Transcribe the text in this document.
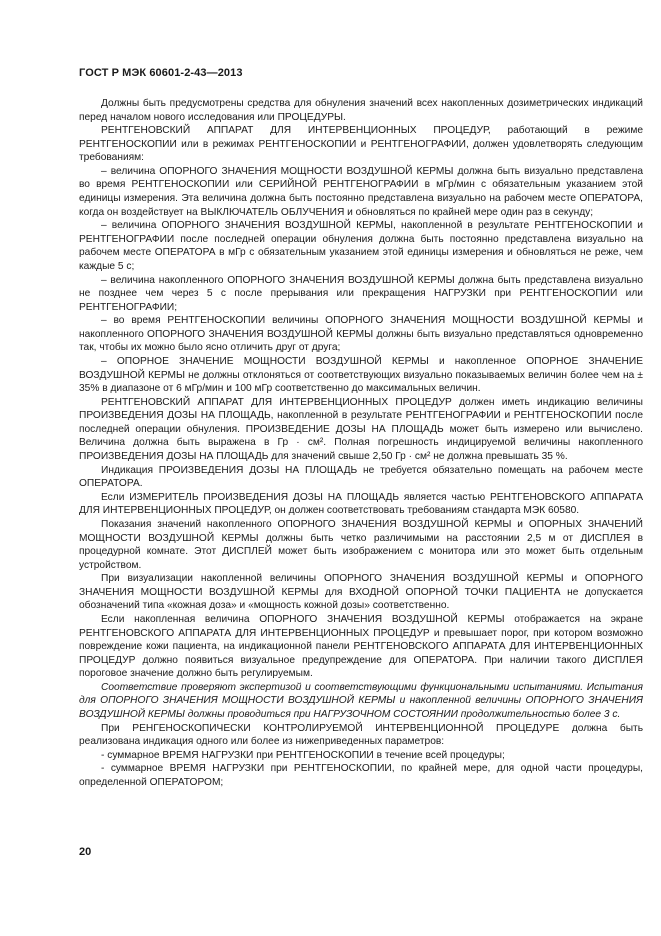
ГОСТ Р МЭК 60601-2-43—2013

Должны быть предусмотрены средства для обнуления значений всех накопленных дозиметричеcких индикаций перед началом нового исследования или ПРОЦЕДУРЫ.

РЕНТГЕНОВСКИЙ АППАРАТ ДЛЯ ИНТЕРВЕНЦИОННЫХ ПРОЦЕДУР, работающий в режиме РЕНТГЕНОСКОПИИ или в режимах РЕНТГЕНОСКОПИИ и РЕНТГЕНОГРАФИИ, должен удовлетворять следующим требованиям:

– величина ОПОРНОГО ЗНАЧЕНИЯ МОЩНОСТИ ВОЗДУШНОЙ КЕРМЫ должна быть визуально представлена во время РЕНТГЕНОСКОПИИ или СЕРИЙНОЙ РЕНТГЕНОГРАФИИ в мГр/мин с обязательным указанием этой единицы измерения. Эта величина должна быть постоянно представлена визуально на рабочем месте ОПЕРАТОРА, когда он воздействует на ВЫКЛЮЧАТЕЛЬ ОБЛУЧЕНИЯ и обновляться по крайней мере один раз в секунду;

– величина ОПОРНОГО ЗНАЧЕНИЯ ВОЗДУШНОЙ КЕРМЫ, накопленной в результате РЕНТГЕНОСКОПИИ и РЕНТГЕНОГРАФИИ после последней операции обнуления должна быть постоянно представлена визуально на рабочем месте ОПЕРАТОРА в мГр с обязательным указанием этой единицы измерения и обновляться не реже, чем каждые 5 с;

– величина накопленного ОПОРНОГО ЗНАЧЕНИЯ ВОЗДУШНОЙ КЕРМЫ должна быть представлена визуально не позднее чем через 5 с после прерывания или прекращения НАГРУЗКИ при РЕНТГЕНОСКОПИИ или РЕНТГЕНОГРАФИИ;

– во время РЕНТГЕНОСКОПИИ величины ОПОРНОГО ЗНАЧЕНИЯ МОЩНОСТИ ВОЗДУШНОЙ КЕРМЫ и накопленного ОПОРНОГО ЗНАЧЕНИЯ ВОЗДУШНОЙ КЕРМЫ должны быть визуально представляться одновременно так, чтобы их можно было ясно отличить друг от друга;

– ОПОРНОЕ ЗНАЧЕНИЕ МОЩНОСТИ ВОЗДУШНОЙ КЕРМЫ и накопленное ОПОРНОЕ ЗНАЧЕНИЕ ВОЗДУШНОЙ КЕРМЫ не должны отклоняться от соответствующих визуально показываемых величин более чем на ± 35% в диапазоне от 6 мГр/мин и 100 мГр соответственно до максимальных величин.

РЕНТГЕНОВСКИЙ АППАРАТ ДЛЯ ИНТЕРВЕНЦИОННЫХ ПРОЦЕДУР должен иметь индикацию величины ПРОИЗВЕДЕНИЯ ДОЗЫ НА ПЛОЩАДЬ, накопленной в результате РЕНТГЕНОГРАФИИ и РЕНТГЕНОСКОПИИ после последней операции обнуления. ПРОИЗВЕДЕНИЕ ДОЗЫ НА ПЛОЩАДЬ может быть измерено или вычислено. Величина должна быть выражена в Гр · см². Полная погрешность индицируемой величины накопленного ПРОИЗВЕДЕНИЯ ДОЗЫ НА ПЛОЩАДЬ для значений свыше 2,50 Гр · см² не должна превышать 35 %.

Индикация ПРОИЗВЕДЕНИЯ ДОЗЫ НА ПЛОЩАДЬ не требуется обязательно помещать на рабочем месте ОПЕРАТОРА.

Если ИЗМЕРИТЕЛЬ ПРОИЗВЕДЕНИЯ ДОЗЫ НА ПЛОЩАДЬ является частью РЕНТГЕНОВСКОГО АППАРАТА ДЛЯ ИНТЕРВЕНЦИОННЫХ ПРОЦЕДУР, он должен соответствовать требованиям стандарта МЭК 60580.

Показания значений накопленного ОПОРНОГО ЗНАЧЕНИЯ ВОЗДУШНОЙ КЕРМЫ и ОПОРНЫХ ЗНАЧЕНИЙ МОЩНОСТИ ВОЗДУШНОЙ КЕРМЫ должны быть четко различимыми на расстоянии 2,5 м от ДИСПЛЕЯ в процедурной комнате. Этот ДИСПЛЕЙ может быть изображением с монитора или это может быть отдельным устройством.

При визуализации накопленной величины ОПОРНОГО ЗНАЧЕНИЯ ВОЗДУШНОЙ КЕРМЫ и ОПОРНОГО ЗНАЧЕНИЯ МОЩНОСТИ ВОЗДУШНОЙ КЕРМЫ для ВХОДНОЙ ОПОРНОЙ ТОЧКИ ПАЦИЕНТА не допускается обозначений типа «кожная доза» и «мощность кожной дозы» соответственно.

Если накопленная величина ОПОРНОГО ЗНАЧЕНИЯ ВОЗДУШНОЙ КЕРМЫ отображается на экране РЕНТГЕНОВСКОГО АППАРАТА ДЛЯ ИНТЕРВЕНЦИОННЫХ ПРОЦЕДУР и превышает порог, при котором возможно повреждение кожи пациента, на индикационной панели РЕНТГЕНОВСКОГО АППАРАТА ДЛЯ ИНТЕРВЕНЦИОННЫХ ПРОЦЕДУР должно появиться визуальное предупреждение для ОПЕРАТОРА. При наличии такого ДИСПЛЕЯ пороговое значение должно быть регулируемым.

Соответствие проверяют экспертизой и соответствующими функциональными испытаниями. Испытания для ОПОРНОГО ЗНАЧЕНИЯ МОЩНОСТИ ВОЗДУШНОЙ КЕРМЫ и накопленной величины ОПОРНОГО ЗНАЧЕНИЯ ВОЗДУШНОЙ КЕРМЫ должны проводиться при НАГРУЗОЧНОМ СОСТОЯНИИ продолжительностью более 3 с.

При РЕНГЕНОСКОПИЧЕСКИ КОНТРОЛИРУЕМОЙ ИНТЕРВЕНЦИОННОЙ ПРОЦЕДУРЕ должна быть реализована индикация одного или более из нижеприведенных параметров:

- суммарное ВРЕМЯ НАГРУЗКИ при РЕНТГЕНОСКОПИИ в течение всей процедуры;

- суммарное ВРЕМЯ НАГРУЗКИ при РЕНТГЕНОСКОПИИ, по крайней мере, для одной части процедуры, определенной ОПЕРАТОРОМ;

20
